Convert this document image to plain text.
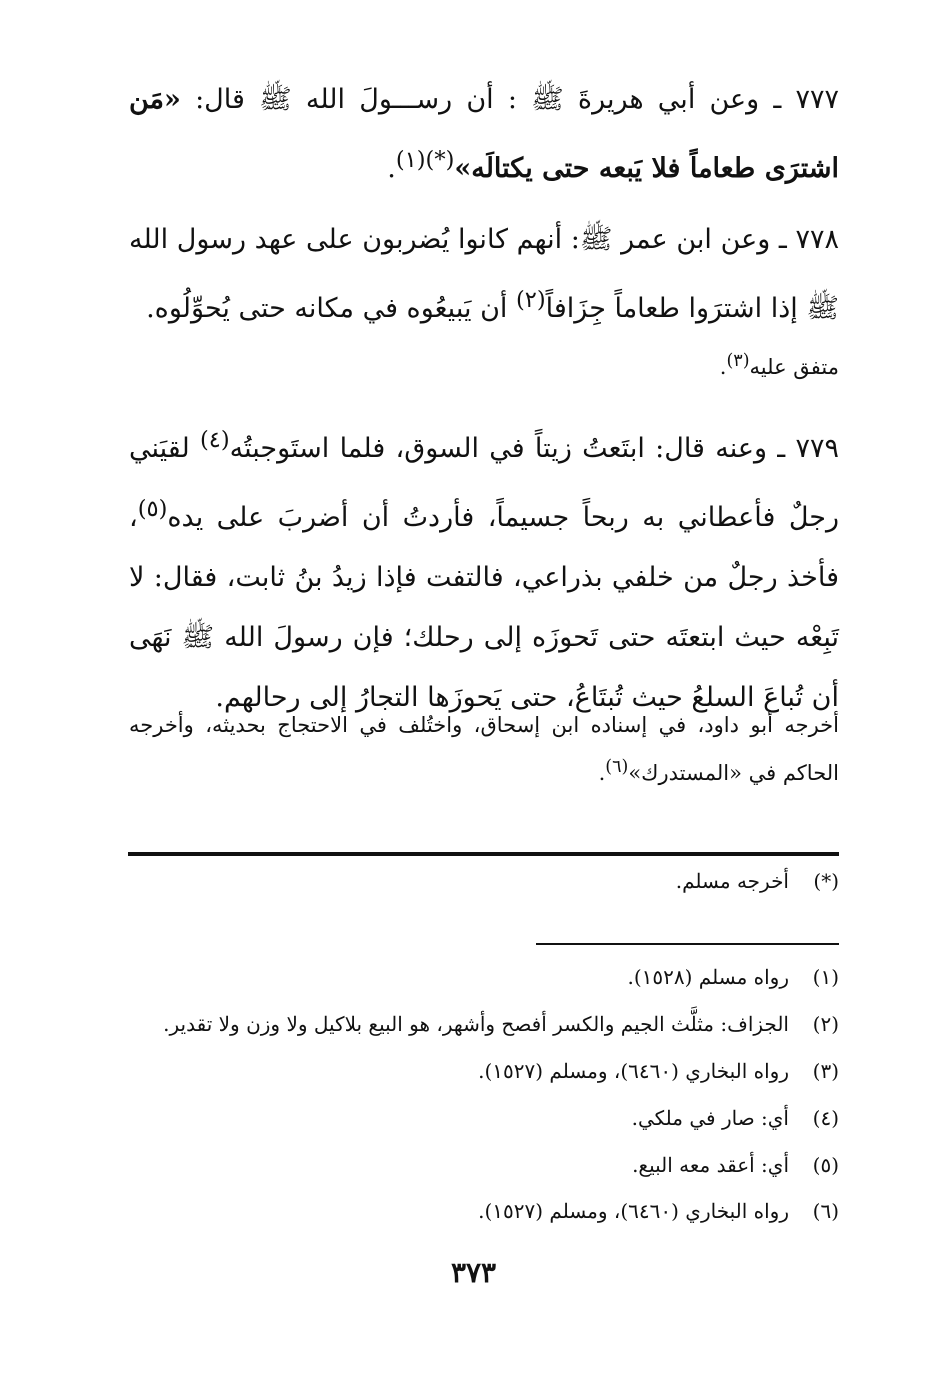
٧٧٧ ـ وعن أبي هريرةَ ﷺ : أن رســـولَ الله ﷺ قال: «مَن اشترَى طعاماً فلا يَبعه حتى يكتالَه»$^{(*)(١)}$.

٧٧٨ ـ وعن ابن عمر ﷺ: أنهم كانوا يُضربون على عهد رسول الله ﷺ إذا اشترَوا طعاماً جِزَافاً$^{(٢)}$ أن يَبيعُوه في مكانه حتى يُحوِّلُوه.

متفق عليه$^{(٣)}$.

٧٧٩ ـ وعنه قال: ابتَعتُ زيتاً في السوق، فلما استَوجبتُه$^{(٤)}$ لقيَني رجلٌ فأعطاني به ربحاً جسيماً، فأردتُ أن أضربَ على يده$^{(٥)}$، فأخذ رجلٌ من خلفي بذراعي، فالتفت فإذا زيدُ بنُ ثابت، فقال: لا تَبِعْه حيث ابتعتَه حتى تَحوزَه إلى رحلك؛ فإن رسولَ الله ﷺ نَهَى أن تُباعَ السلعُ حيث تُبتَاعُ، حتى يَحوزَها التجارُ إلى رحالهم.

أخرجه أبو داود، في إسناده ابن إسحاق، واختُلف في الاحتجاج بحديثه، وأخرجه الحاكم في «المستدرك»$^{(٦)}$.

(*)أخرجه مسلم.
(١)رواه مسلم (١٥٢٨).
(٢)الجزاف: مثلَّث الجيم والكسر أفصح وأشهر، هو البيع بلاكيل ولا وزن ولا تقدير.
(٣)رواه البخاري (٦٤٦٠)، ومسلم (١٥٢٧).
(٤)أي: صار في ملكي.
(٥)أي: أعقد معه البيع.
(٦)رواه البخاري (٦٤٦٠)، ومسلم (١٥٢٧).
٣٧٣
